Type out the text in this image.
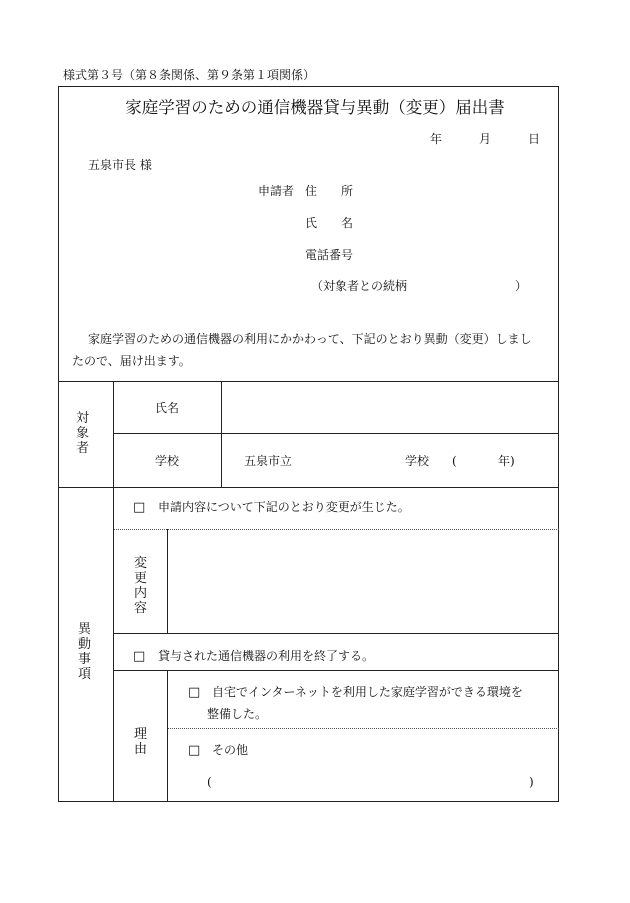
様式第３号（第８条関係、第９条第１項関係）
家庭学習のための通信機器貸与異動（変更）届出書
年	月	日
五泉市長 様
申請者 住　　所
氏　　名
電話番号
（対象者との続柄	）
家庭学習のための通信機器の利用にかかわって、下記のとおり異動（変更）しまし
たので、届け出ます。
対
象
者
氏名
学校	五泉市立	学校 (	年)
異
動
事
項
□ 申請内容について下記のとおり変更が生じた。
変
更
内
容
□ 貸与された通信機器の利用を終了する。
理
由
□ 自宅でインターネットを利用した家庭学習ができる環境を
整備した。
□ その他
(	)
